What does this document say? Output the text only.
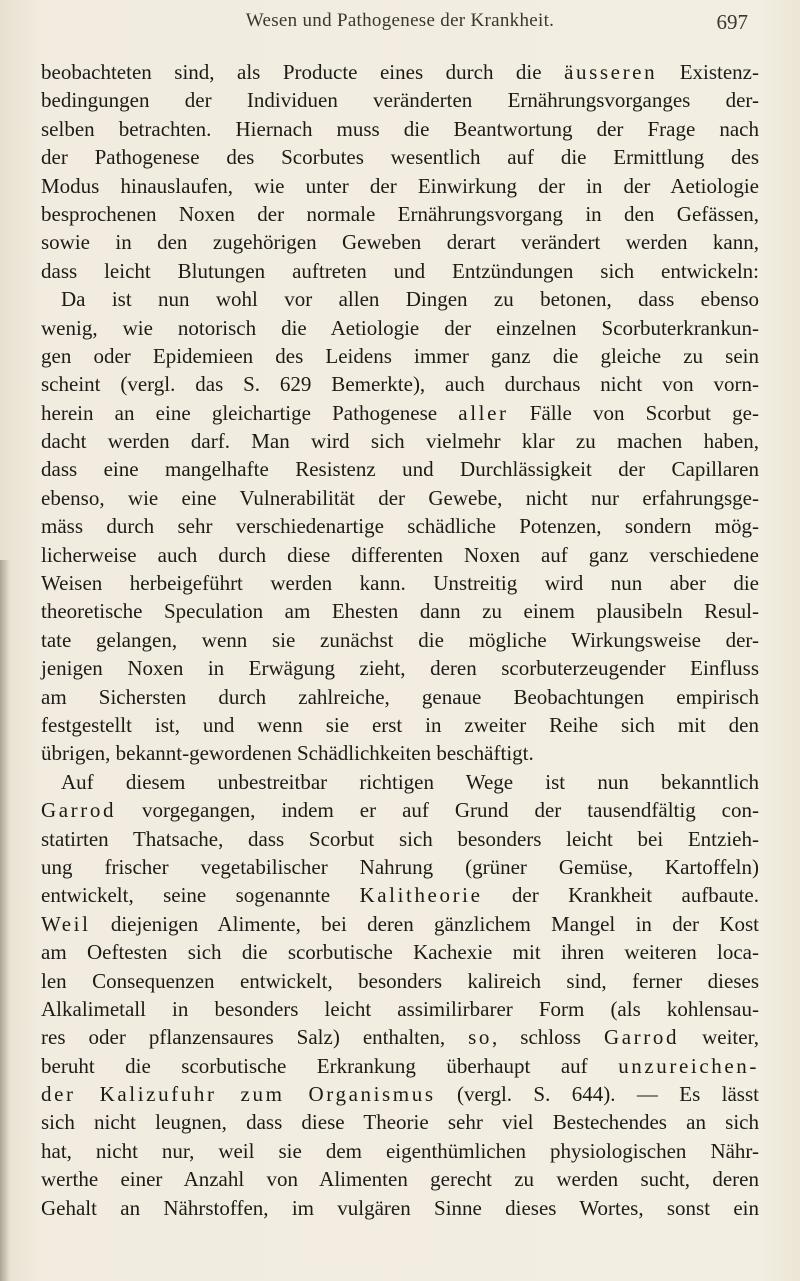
Wesen und Pathogenese der Krankheit.	697
beobachteten sind, als Producte eines durch die äusseren Existenz-
bedingungen der Individuen veränderten Ernährungsvorganges der-
selben betrachten. Hiernach muss die Beantwortung der Frage nach
der Pathogenese des Scorbutes wesentlich auf die Ermittlung des
Modus hinauslaufen, wie unter der Einwirkung der in der Aetiologie
besprochenen Noxen der normale Ernährungsvorgang in den Gefässen,
sowie in den zugehörigen Geweben derart verändert werden kann,
dass leicht Blutungen auftreten und Entzündungen sich entwickeln:
Da ist nun wohl vor allen Dingen zu betonen, dass ebenso
wenig, wie notorisch die Aetiologie der einzelnen Scorbuterkrankun-
gen oder Epidemieen des Leidens immer ganz die gleiche zu sein
scheint (vergl. das S. 629 Bemerkte), auch durchaus nicht von vorn-
herein an eine gleichartige Pathogenese aller Fälle von Scorbut ge-
dacht werden darf. Man wird sich vielmehr klar zu machen haben,
dass eine mangelhafte Resistenz und Durchlässigkeit der Capillaren
ebenso, wie eine Vulnerabilität der Gewebe, nicht nur erfahrungsge-
mäss durch sehr verschiedenartige schädliche Potenzen, sondern mög-
licherweise auch durch diese differenten Noxen auf ganz verschiedene
Weisen herbeigeführt werden kann. Unstreitig wird nun aber die
theoretische Speculation am Ehesten dann zu einem plausibeln Resul-
tate gelangen, wenn sie zunächst die mögliche Wirkungsweise der-
jenigen Noxen in Erwägung zieht, deren scorbuterzeugender Einfluss
am Sichersten durch zahlreiche, genaue Beobachtungen empirisch
festgestellt ist, und wenn sie erst in zweiter Reihe sich mit den
übrigen, bekannt-gewordenen Schädlichkeiten beschäftigt.
Auf diesem unbestreitbar richtigen Wege ist nun bekanntlich
Garrod vorgegangen, indem er auf Grund der tausendfältig con-
statirten Thatsache, dass Scorbut sich besonders leicht bei Entzieh-
ung frischer vegetabilischer Nahrung (grüner Gemüse, Kartoffeln)
entwickelt, seine sogenannte Kalitheorie der Krankheit aufbaute.
Weil diejenigen Alimente, bei deren gänzlichem Mangel in der Kost
am Oeftesten sich die scorbutische Kachexie mit ihren weiteren loca-
len Consequenzen entwickelt, besonders kalireich sind, ferner dieses
Alkalimetall in besonders leicht assimilirbarer Form (als kohlensau-
res oder pflanzensaures Salz) enthalten, so, schloss Garrod weiter,
beruht die scorbutische Erkrankung überhaupt auf unzureichen-
der Kalizufuhr zum Organismus (vergl. S. 644). — Es lässt
sich nicht leugnen, dass diese Theorie sehr viel Bestechendes an sich
hat, nicht nur, weil sie dem eigenthümlichen physiologischen Nähr-
werthe einer Anzahl von Alimenten gerecht zu werden sucht, deren
Gehalt an Nährstoffen, im vulgären Sinne dieses Wortes, sonst ein
